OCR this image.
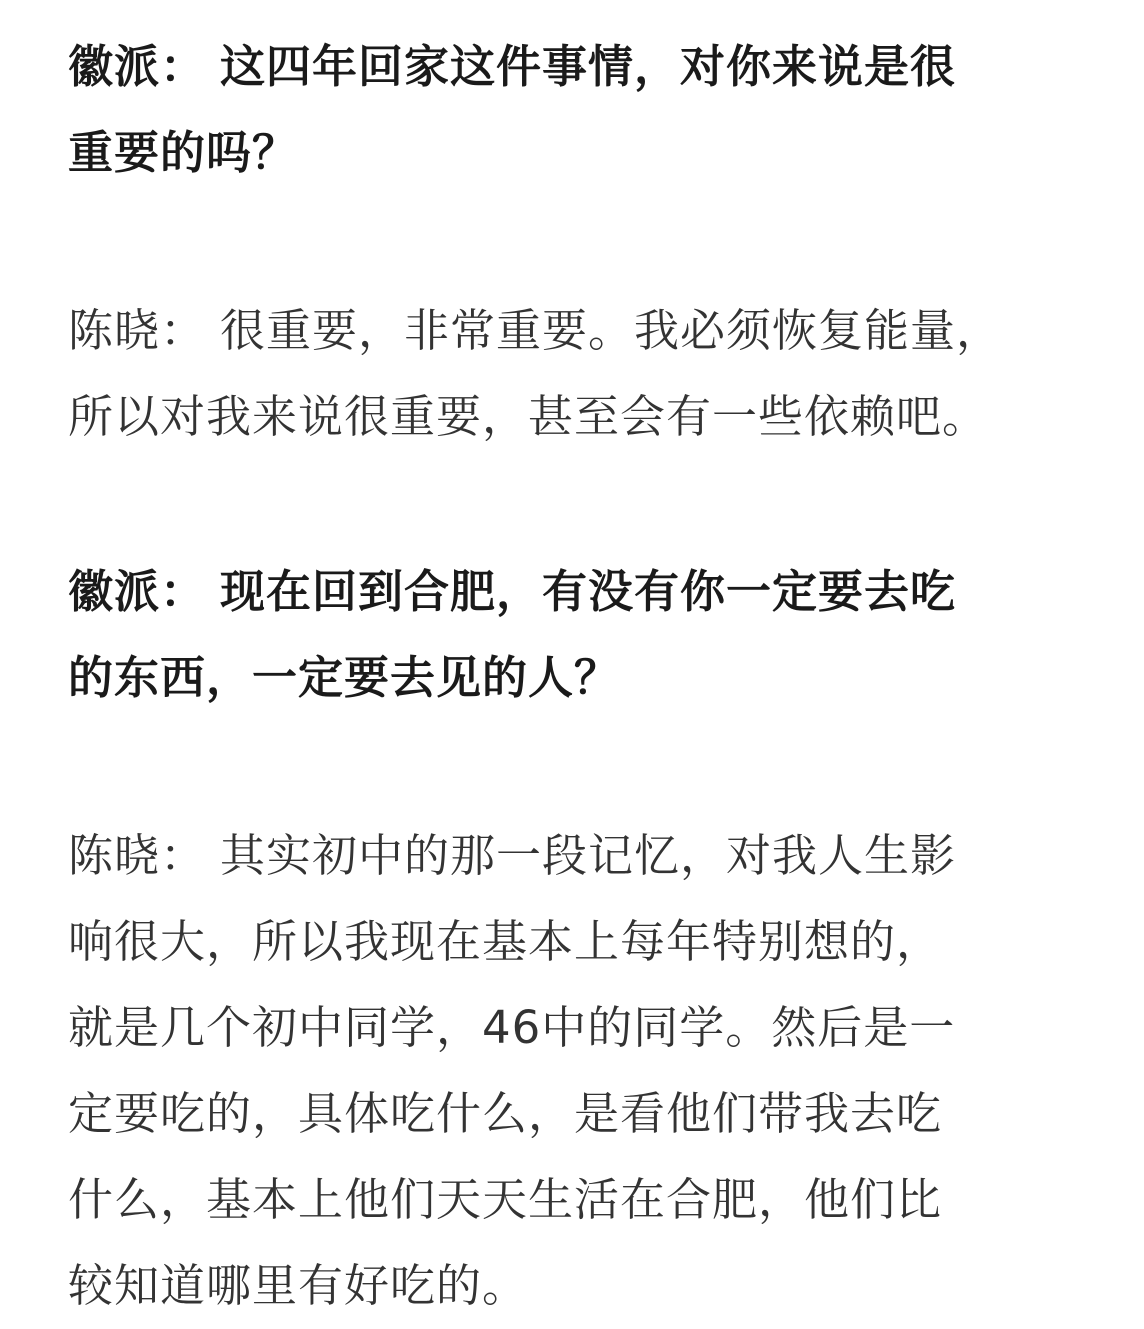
徽派： 这四年回家这件事情，对你来说是很
重要的吗？

陈晓： 很重要，非常重要。我必须恢复能量，
所以对我来说很重要，甚至会有一些依赖吧。

徽派： 现在回到合肥，有没有你一定要去吃
的东西，一定要去见的人？

陈晓： 其实初中的那一段记忆，对我人生影
响很大，所以我现在基本上每年特别想的，
就是几个初中同学，46中的同学。然后是一
定要吃的，具体吃什么，是看他们带我去吃
什么，基本上他们天天生活在合肥，他们比
较知道哪里有好吃的。
